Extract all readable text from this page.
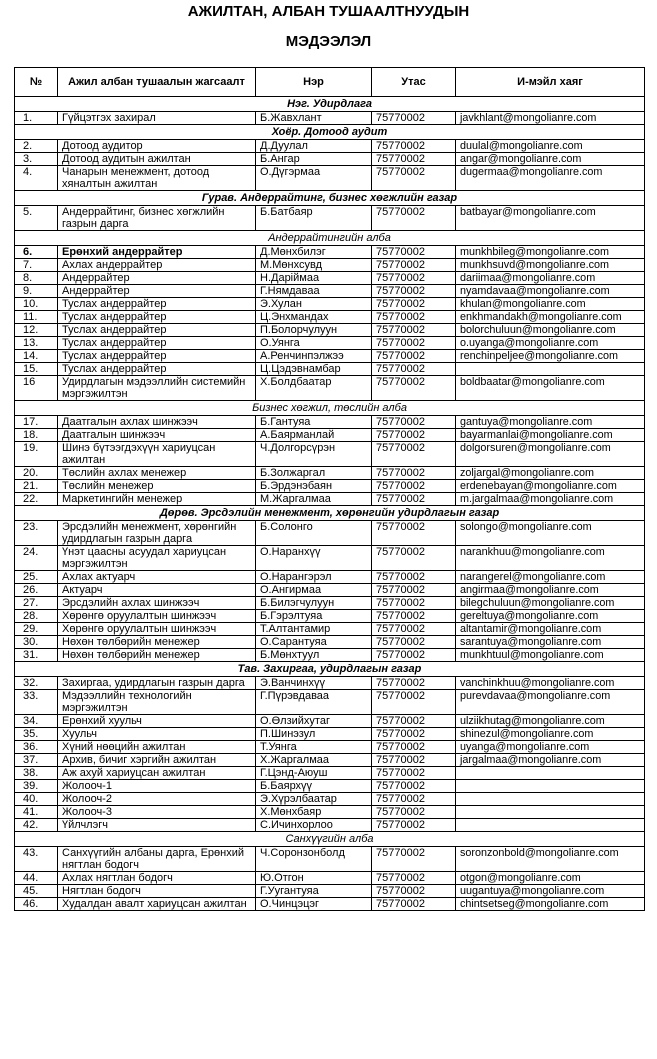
АЖИЛТАН, АЛБАН ТУШААЛТНУУДЫН
МЭДЭЭЛЭЛ
№	Ажил албан тушаалын жагсаалт	Нэр	Утас	И-мэйл хаяг
Нэг. Удирдлага				
1.	Гүйцэтгэх захирал	Б.Жавхлант	75770002	javkhlant@mongolianre.com
Хоёр. Дотоод аудит				
2.	Дотоод аудитор	Д.Дуулал	75770002	duulal@mongolianre.com
3.	Дотоод аудитын ажилтан	Б.Ангар	75770002	angar@mongolianre.com
4.	Чанарын менежмент, дотоод хяналтын ажилтан	О.Дүгэрмаа	75770002	dugermaa@mongolianre.com
Гурав. Андеррайтинг, бизнес хөгжлийн газар				
5.	Андеррайтинг, бизнес хөгжлийн газрын дарга	Б.Батбаяр	75770002	batbayar@mongolianre.com
Андеррайтингийн алба				
6.	Ерөнхий андеррайтер	Д.Мөнхбилэг	75770002	munkhbileg@mongolianre.com
7.	Ахлах андеррайтер	М.Мөнхсувд	75770002	munkhsuvd@mongolianre.com
8.	Андеррайтер	Н.Дарiймаа	75770002	dariimaa@mongolianre.com
9.	Андеррайтер	Г.Нямдаваа	75770002	nyamdavaa@mongolianre.com
10.	Туслах андеррайтер	Э.Хулан	75770002	khulan@mongolianre.com
11.	Туслах андеррайтер	Ц.Энхмандах	75770002	enkhmandakh@mongolianre.com
12.	Туслах андеррайтер	П.Болорчулуун	75770002	bolorchuluun@mongolianre.com
13.	Туслах андеррайтер	О.Уянга	75770002	o.uyanga@mongolianre.com
14.	Туслах андеррайтер	А.Ренчинпэлжээ	75770002	renchinpeljee@mongolianre.com
15.	Туслах андеррайтер	Ц.Цэдэвнамбар	75770002	
16	Удирдлагын мэдээллийн системийн мэргэжилтэн	Х.Болдбаатар	75770002	boldbaatar@mongolianre.com
Бизнес хөгжил, төслийн алба				
17.	Даатгалын ахлах шинжээч	Б.Гантуяа	75770002	gantuya@mongolianre.com
18.	Даатгалын шинжээч	А.Баярманлай	75770002	bayarmanlai@mongolianre.com
19.	Шинэ бүтээгдэхүүн хариуцсан ажилтан	Ч.Долгорсүрэн	75770002	dolgorsuren@mongolianre.com
20.	Төслийн ахлах менежер	Б.Золжаргал	75770002	zoljargal@mongolianre.com
21.	Төслийн менежер	Б.Эрдэнэбаян	75770002	erdenebayan@mongolianre.com
22.	Маркетингийн менежер	М.Жаргалмаа	75770002	m.jargalmaa@mongolianre.com
Дөрөв. Эрсдэлийн менежмент, хөрөнгийн удирдлагын газар				
23.	Эрсдэлийн менежмент, хөрөнгийн удирдлагын газрын дарга	Б.Солонго	75770002	solongo@mongolianre.com
24.	Үнэт цаасны асуудал хариуцсан мэргэжилтэн	О.Наранхүү	75770002	narankhuu@mongolianre.com
25.	Ахлах актуарч	О.Нарангэрэл	75770002	narangerel@mongolianre.com
26.	Актуарч	О.Ангирмаа	75770002	angirmaa@mongolianre.com
27.	Эрсдэлийн ахлах шинжээч	Б.Билэгчулуун	75770002	bilegchuluun@mongolianre.com
28.	Хөрөнгө оруулалтын шинжээч	Б.Гэрэлтуяа	75770002	gereltuya@mongolianre.com
29.	Хөрөнгө оруулалтын шинжээч	Т.Алтантамир	75770002	altantamir@mongolianre.com
30.	Нөхөн төлбөрийн менежер	О.Сарантуяа	75770002	sarantuya@mongolianre.com
31.	Нөхөн төлбөрийн менежер	Б.Мөнхтуул	75770002	munkhtuul@mongolianre.com
Тав. Захиргаа, удирдлагын газар				
32.	Захиргаа, удирдлагын газрын дарга	Э.Ванчинхүү	75770002	vanchinkhuu@mongolianre.com
33.	Мэдээллийн технологийн мэргэжилтэн	Г.Пүрэвдаваа	75770002	purevdavaa@mongolianre.com
34.	Ерөнхий хуульч	О.Өлзийхутаг	75770002	ulziikhutag@mongolianre.com
35.	Хуульч	П.Шинэзул	75770002	shinezul@mongolianre.com
36.	Хүний нөөцийн ажилтан	Т.Уянга	75770002	uyanga@mongolianre.com
37.	Архив, бичиг хэргийн ажилтан	Х.Жаргалмаа	75770002	jargalmaa@mongolianre.com
38.	Аж ахуй хариуцсан ажилтан	Г.Цэнд-Аюуш	75770002	
39.	Жолооч-1	Б.Баярхүү	75770002	
40.	Жолооч-2	Э.Хүрэлбаатар	75770002	
41.	Жолооч-3	Х.Мөнхбаяр	75770002	
42.	Үйлчлэгч	С.Ичинхорлоо	75770002	
Санхүүгийн алба				
43.	Санхүүгийн албаны дарга, Ерөнхий нягтлан бодогч	Ч.Соронзонболд	75770002	soronzonbold@mongolianre.com
44.	Ахлах нягтлан бодогч	Ю.Отгон	75770002	otgon@mongolianre.com
45.	Нягтлан бодогч	Г.Уугантуяа	75770002	uugantuya@mongolianre.com
46.	Худалдан авалт хариуцсан ажилтан	О.Чинцэцэг	75770002	chintsetseg@mongolianre.com
